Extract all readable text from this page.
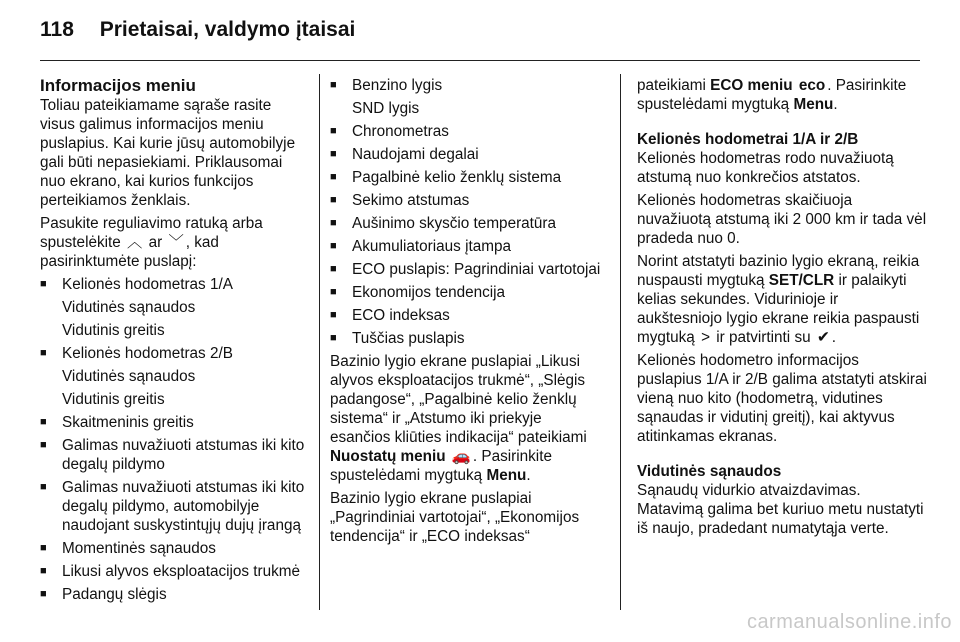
118 Prietaisai, valdymo įtaisai
Informacijos meniu

Toliau pateikiamame sąraše rasite visus galimus informacijos meniu puslapius. Kai kurie jūsų automobilyje gali būti nepasiekiami. Priklausomai nuo ekrano, kai kurios funkcijos perteikiamos ženklais.

Pasukite reguliavimo ratuką arba spustelėkite ︿ ar ﹀ , kad pasirinktumėte puslapį:

■ Kelionės hodometras 1/A
Vidutinės sąnaudos
Vidutinis greitis
■ Kelionės hodometras 2/B
Vidutinės sąnaudos
Vidutinis greitis
■ Skaitmeninis greitis
■ Galimas nuvažiuoti atstumas iki kito degalų pildymo
■ Galimas nuvažiuoti atstumas iki kito degalų pildymo, automobilyje naudojant suskystintųjų dujų įrangą
■ Momentinės sąnaudos
■ Likusi alyvos eksploatacijos trukmė
■ Padangų slėgis
■ Benzino lygis
SND lygis
■ Chronometras
■ Naudojami degalai
■ Pagalbinė kelio ženklų sistema
■ Sekimo atstumas
■ Aušinimo skysčio temperatūra
■ Akumuliatoriaus įtampa
■ ECO puslapis: Pagrindiniai vartotojai
■ Ekonomijos tendencija
■ ECO indeksas
■ Tuščias puslapis

Bazinio lygio ekrane puslapiai „Likusi alyvos eksploatacijos trukmė“, „Slėgis padangose“, „Pagalbinė kelio ženklų sistema“ ir „Atstumo iki priekyje esančios kliūties indikacija“ pateikiami Nuostatų meniu 🚗 . Pasirinkite spustelėdami mygtuką Menu.

Bazinio lygio ekrane puslapiai „Pagrindiniai vartotojai“, „Ekonomijos tendencija“ ir „ECO indeksas“

pateikiami ECO meniu eco . Pasirinkite spustelėdami mygtuką Menu.

Kelionės hodometrai 1/A ir 2/B

Kelionės hodometras rodo nuvažiuotą atstumą nuo konkrečios atstatos.

Kelionės hodometras skaičiuoja nuvažiuotą atstumą iki 2 000 km ir tada vėl pradeda nuo 0.

Norint atstatyti bazinio lygio ekraną, reikia nuspausti mygtuką SET/CLR ir palaikyti kelias sekundes. Vidurinioje ir aukštesniojo lygio ekrane reikia paspausti mygtuką > ir patvirtinti su ✔ .

Kelionės hodometro informacijos puslapius 1/A ir 2/B galima atstatyti atskirai vieną nuo kito (hodometrą, vidutines sąnaudas ir vidutinį greitį), kai aktyvus atitinkamas ekranas.

Vidutinės sąnaudos

Sąnaudų vidurkio atvaizdavimas. Matavimą galima bet kuriuo metu nustatyti iš naujo, pradedant numatytąja verte.

carmanualsonline.info
